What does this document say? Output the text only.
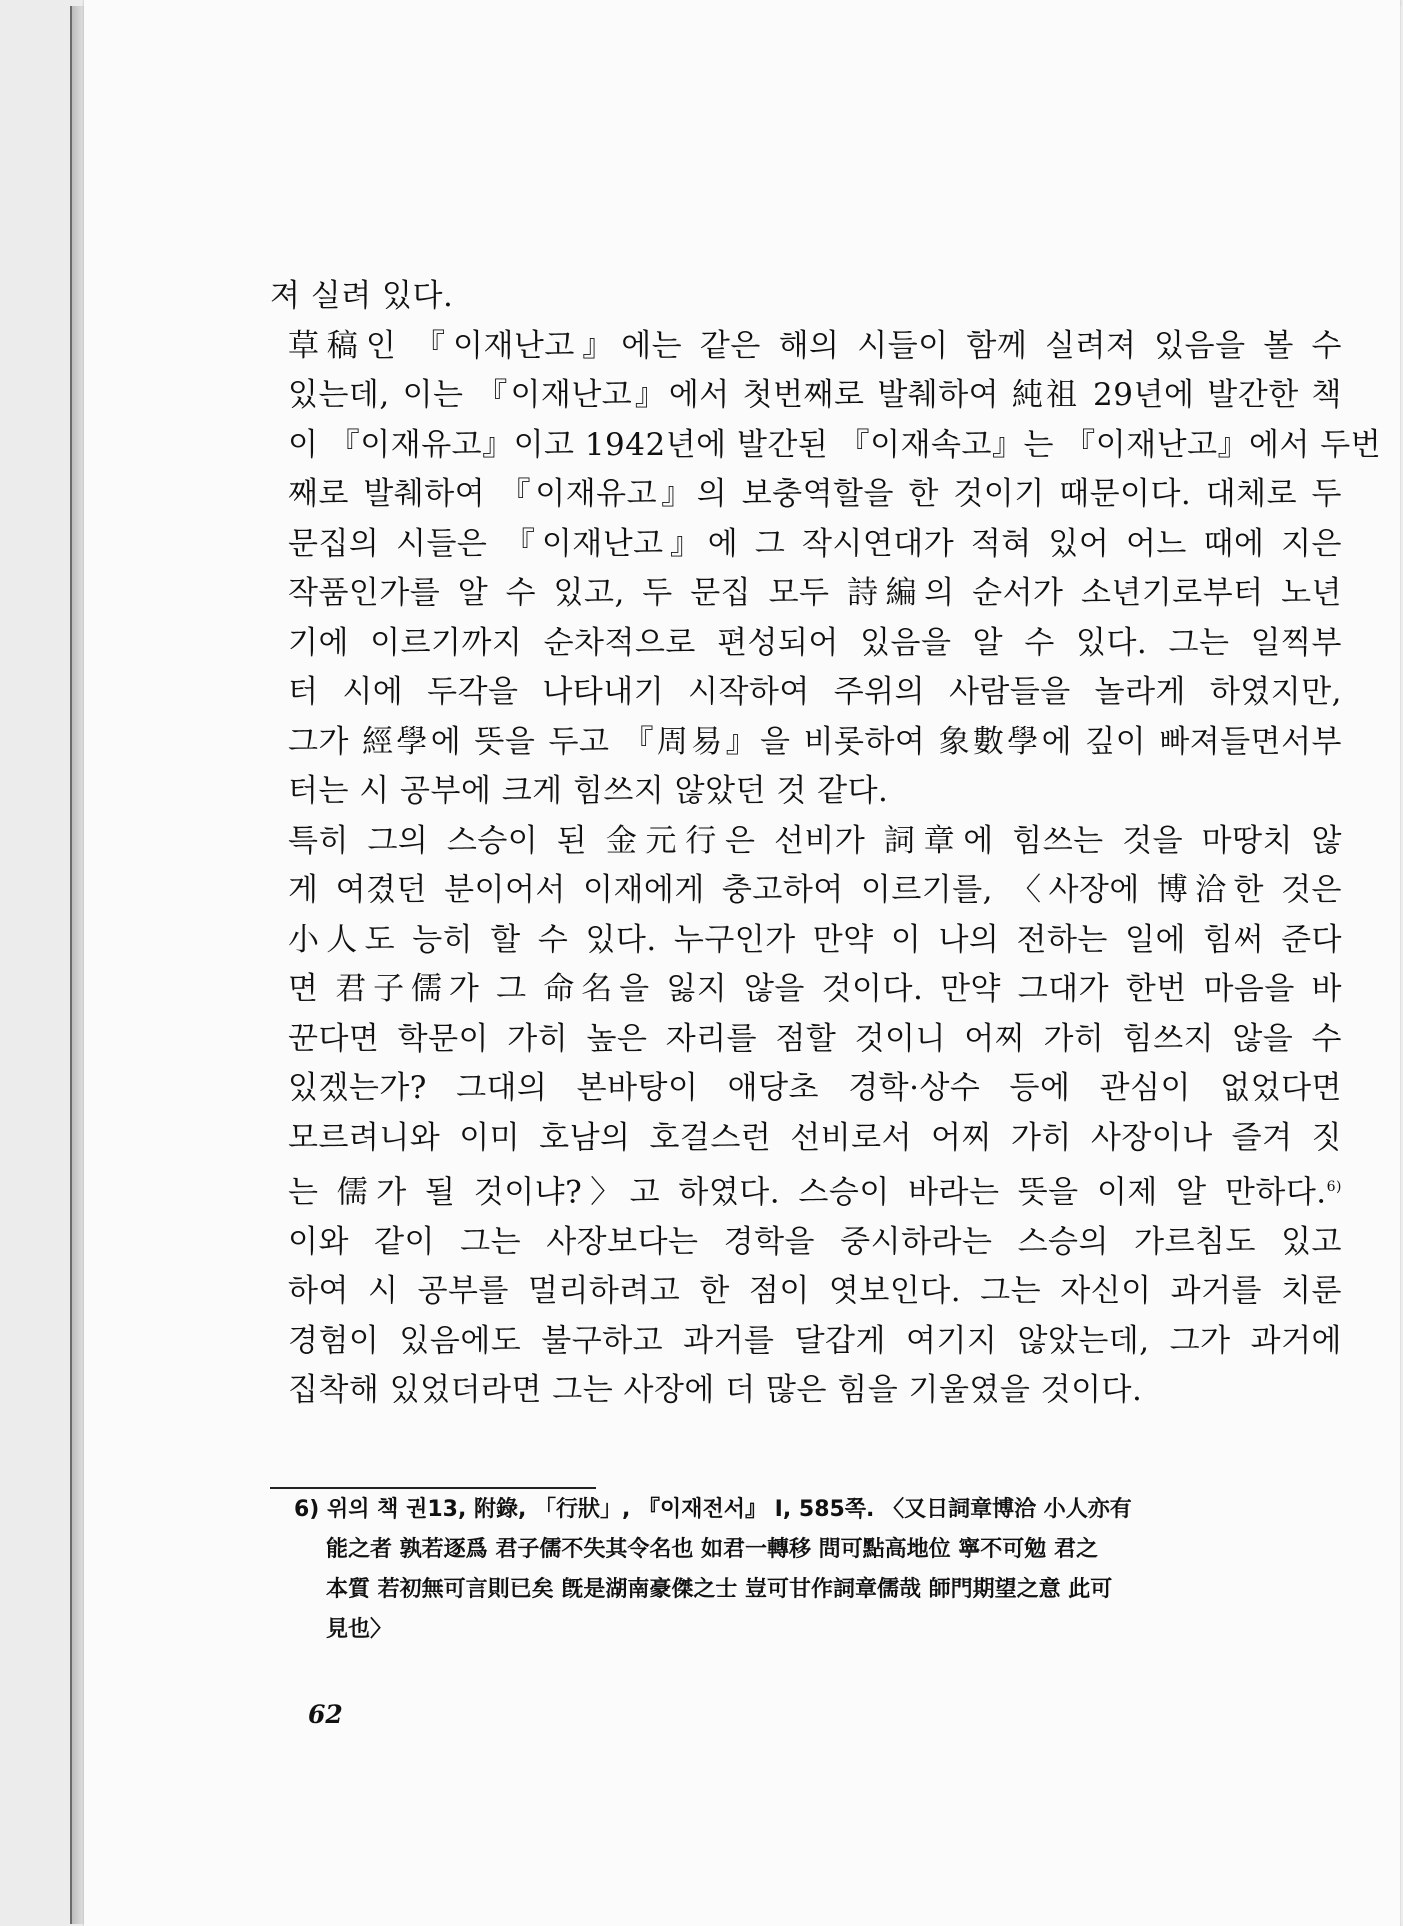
져 실려 있다.

草稿인 『이재난고』에는 같은 해의 시들이 함께 실려져 있음을 볼 수
있는데, 이는 『이재난고』에서 첫번째로 발췌하여 純祖 29년에 발간한 책
이 『이재유고』이고 1942년에 발간된 『이재속고』는 『이재난고』에서 두번
째로 발췌하여 『이재유고』의 보충역할을 한 것이기 때문이다. 대체로 두
문집의 시들은 『이재난고』에 그 작시연대가 적혀 있어 어느 때에 지은
작품인가를 알 수 있고, 두 문집 모두 詩編의 순서가 소년기로부터 노년
기에 이르기까지 순차적으로 편성되어 있음을 알 수 있다. 그는 일찍부
터 시에 두각을 나타내기 시작하여 주위의 사람들을 놀라게 하였지만,
그가 經學에 뜻을 두고 『周易』을 비롯하여 象數學에 깊이 빠져들면서부
터는 시 공부에 크게 힘쓰지 않았던 것 같다.

특히 그의 스승이 된 金元行은 선비가 詞章에 힘쓰는 것을 마땅치 않
게 여겼던 분이어서 이재에게 충고하여 이르기를, 〈사장에 博洽한 것은
小人도 능히 할 수 있다. 누구인가 만약 이 나의 전하는 일에 힘써 준다
면 君子儒가 그 命名을 잃지 않을 것이다. 만약 그대가 한번 마음을 바
꾼다면 학문이 가히 높은 자리를 점할 것이니 어찌 가히 힘쓰지 않을 수
있겠는가? 그대의 본바탕이 애당초 경학·상수 등에 관심이 없었다면
모르려니와 이미 호남의 호걸스런 선비로서 어찌 가히 사장이나 즐겨 짓
는 儒가 될 것이냐?〉고 하였다. 스승이 바라는 뜻을 이제 알 만하다.$^{6)}$

이와 같이 그는 사장보다는 경학을 중시하라는 스승의 가르침도 있고
하여 시 공부를 멀리하려고 한 점이 엿보인다. 그는 자신이 과거를 치룬
경험이 있음에도 불구하고 과거를 달갑게 여기지 않았는데, 그가 과거에
집착해 있었더라면 그는 사장에 더 많은 힘을 기울였을 것이다.

6) 위의 책 권13, 附錄, 「行狀」, 『이재전서』 Ⅰ, 585쪽. 〈又日詞章博洽 小人亦有
能之者 孰若逐爲 君子儒不失其令名也 如君一轉移 問可點高地位 寧不可勉 君之
本質 若初無可言則已矣 旣是湖南豪傑之士 豈可甘作詞章儒哉 師門期望之意 此可
見也〉
62
